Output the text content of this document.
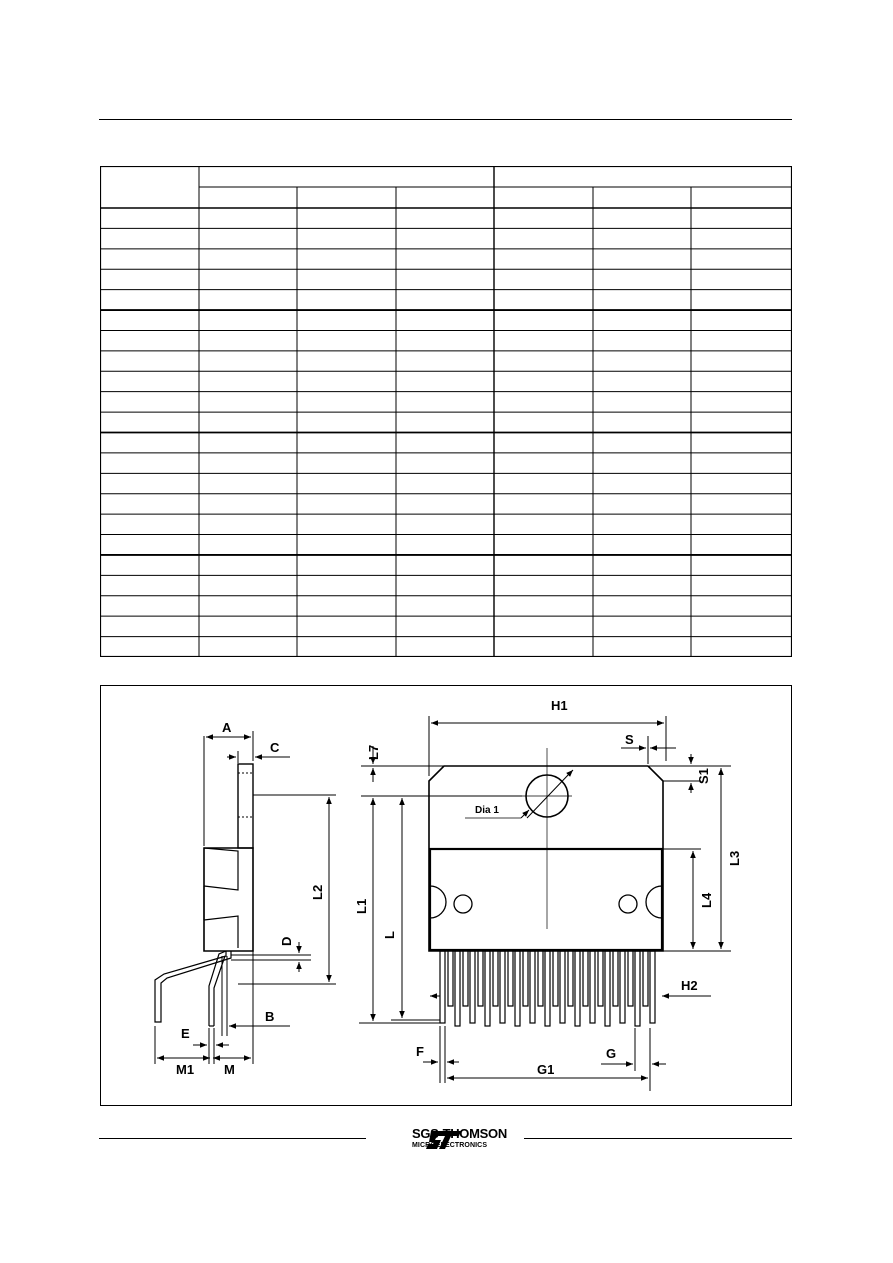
A
C
D
L2
B
E
M1 M
H1
S
S1
L7
Dia 1
L1
L
L3
L4
H2
F	G
G1
SGS-THOMSON
MICROELECTRONICS
